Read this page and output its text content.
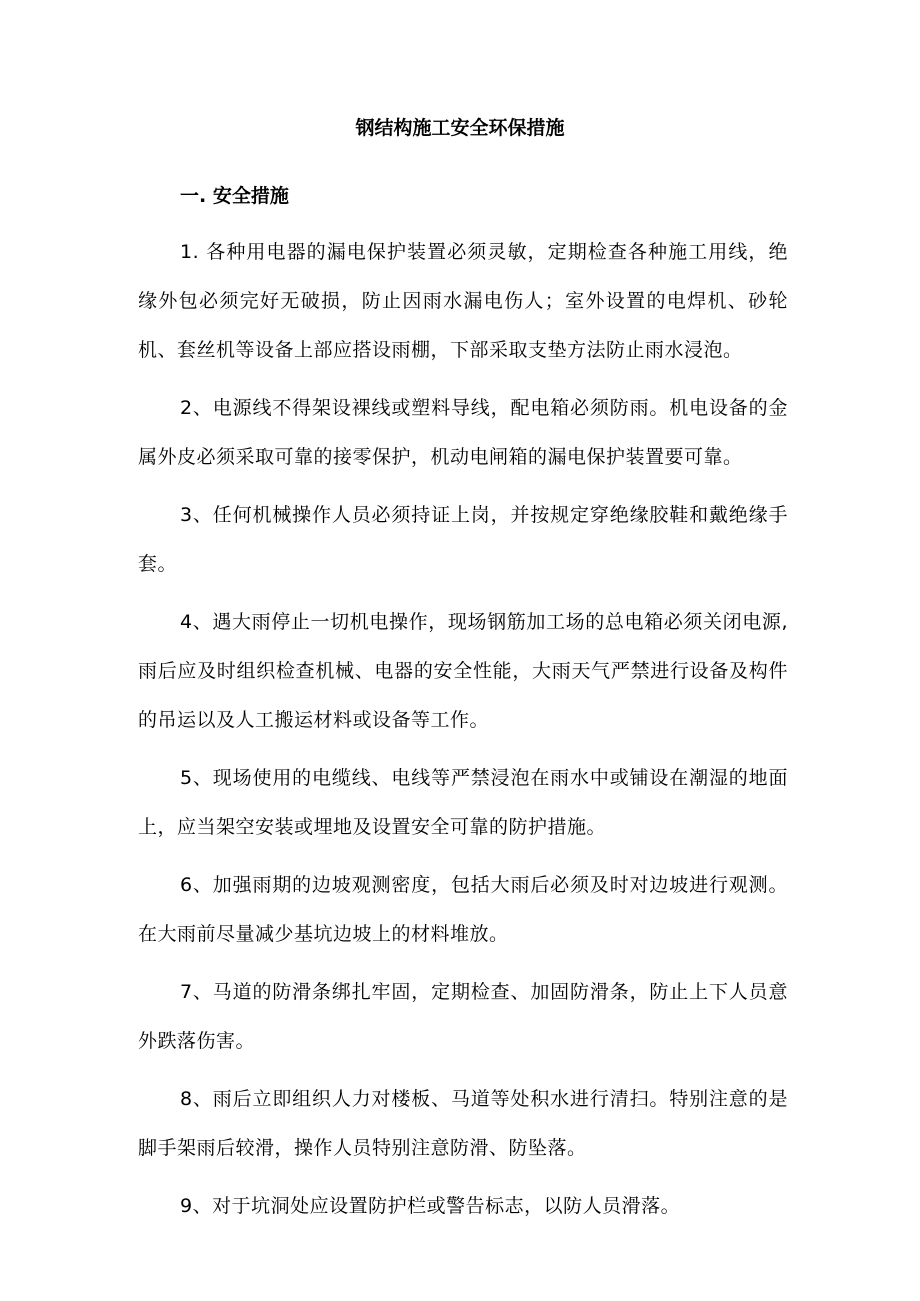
钢结构施工安全环保措施
一. 安全措施

1. 各种用电器的漏电保护装置必须灵敏，定期检查各种施工用线，绝缘外包必须完好无破损，防止因雨水漏电伤人；室外设置的电焊机、砂轮机、套丝机等设备上部应搭设雨棚，下部采取支垫方法防止雨水浸泡。

2、电源线不得架设裸线或塑料导线，配电箱必须防雨。机电设备的金属外皮必须采取可靠的接零保护，机动电闸箱的漏电保护装置要可靠。

3、任何机械操作人员必须持证上岗，并按规定穿绝缘胶鞋和戴绝缘手套。

4、遇大雨停止一切机电操作，现场钢筋加工场的总电箱必须关闭电源, 雨后应及时组织检查机械、电器的安全性能，大雨天气严禁进行设备及构件的吊运以及人工搬运材料或设备等工作。

5、现场使用的电缆线、电线等严禁浸泡在雨水中或铺设在潮湿的地面上，应当架空安装或埋地及设置安全可靠的防护措施。

6、加强雨期的边坡观测密度，包括大雨后必须及时对边坡进行观测。在大雨前尽量减少基坑边坡上的材料堆放。

7、马道的防滑条绑扎牢固，定期检查、加固防滑条，防止上下人员意外跌落伤害。

8、雨后立即组织人力对楼板、马道等处积水进行清扫。特别注意的是脚手架雨后较滑，操作人员特别注意防滑、防坠落。

9、对于坑洞处应设置防护栏或警告标志，以防人员滑落。
